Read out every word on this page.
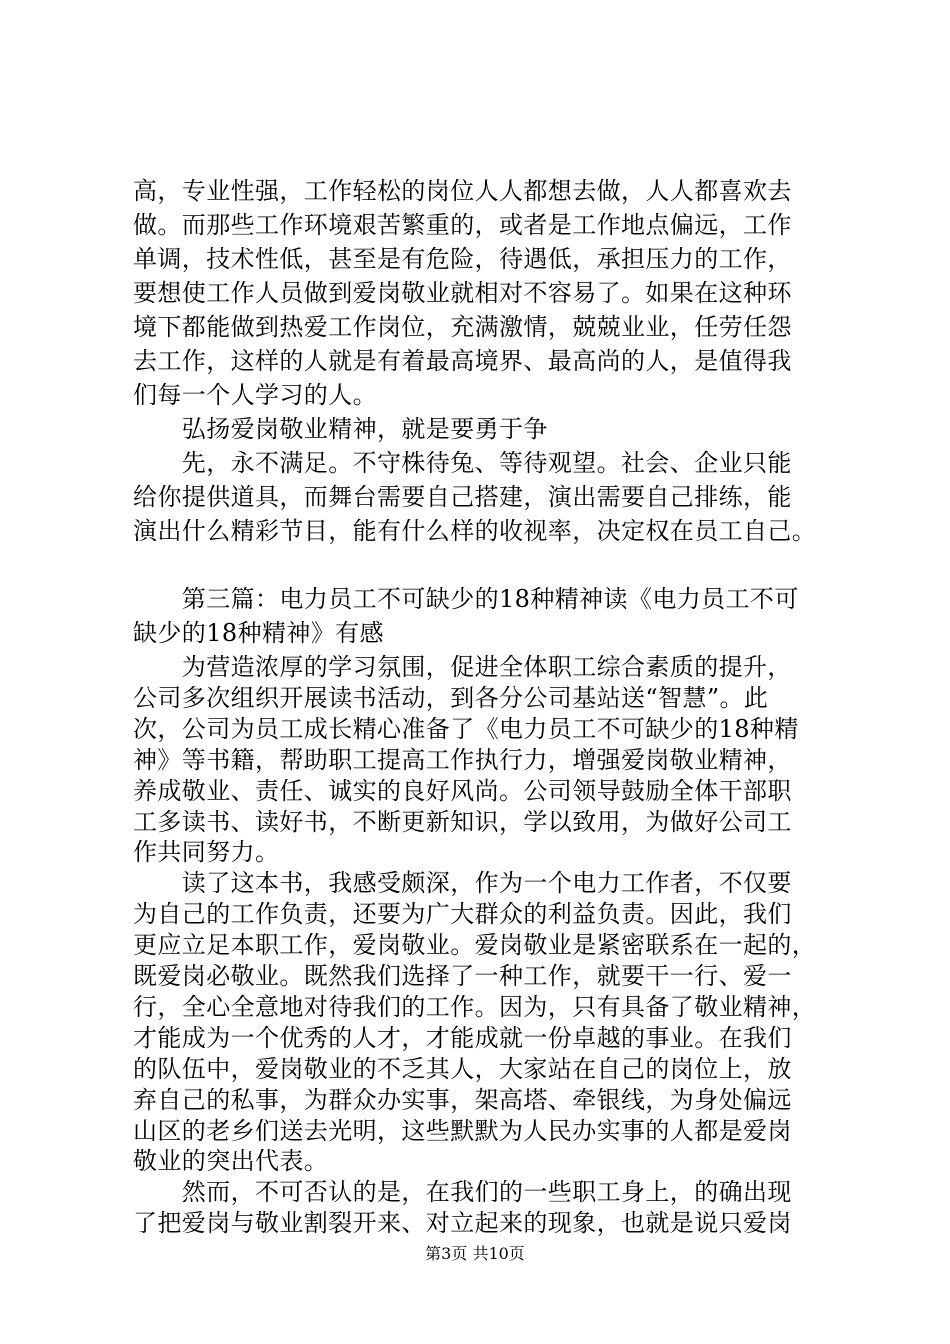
高，专业性强，工作轻松的岗位人人都想去做，人人都喜欢去
做。而那些工作环境艰苦繁重的，或者是工作地点偏远，工作
单调，技术性低，甚至是有危险，待遇低，承担压力的工作，
要想使工作人员做到爱岗敬业就相对不容易了。如果在这种环
境下都能做到热爱工作岗位，充满激情，兢兢业业，任劳任怨
去工作，这样的人就是有着最高境界、最高尚的人，是值得我
们每一个人学习的人。
　　弘扬爱岗敬业精神，就是要勇于争
　　先，永不满足。不守株待兔、等待观望。社会、企业只能
给你提供道具，而舞台需要自己搭建，演出需要自己排练，能
演出什么精彩节目，能有什么样的收视率，决定权在员工自己。
　　第三篇：电力员工不可缺少的18种精神读《电力员工不可
缺少的18种精神》有感
　　为营造浓厚的学习氛围，促进全体职工综合素质的提升，
公司多次组织开展读书活动，到各分公司基站送“智慧”。此
次，公司为员工成长精心准备了《电力员工不可缺少的18种精
神》等书籍，帮助职工提高工作执行力，增强爱岗敬业精神，
养成敬业、责任、诚实的良好风尚。公司领导鼓励全体干部职
工多读书、读好书，不断更新知识，学以致用，为做好公司工
作共同努力。
　　读了这本书，我感受颇深，作为一个电力工作者，不仅要
为自己的工作负责，还要为广大群众的利益负责。因此，我们
更应立足本职工作，爱岗敬业。爱岗敬业是紧密联系在一起的，
既爱岗必敬业。既然我们选择了一种工作，就要干一行、爱一
行，全心全意地对待我们的工作。因为，只有具备了敬业精神，
才能成为一个优秀的人才，才能成就一份卓越的事业。在我们
的队伍中，爱岗敬业的不乏其人，大家站在自己的岗位上，放
弃自己的私事，为群众办实事，架高塔、牵银线，为身处偏远
山区的老乡们送去光明，这些默默为人民办实事的人都是爱岗
敬业的突出代表。
第3页 共10页
　　然而，不可否认的是，在我们的一些职工身上，的确出现
了把爱岗与敬业割裂开来、对立起来的现象，也就是说只爱岗
